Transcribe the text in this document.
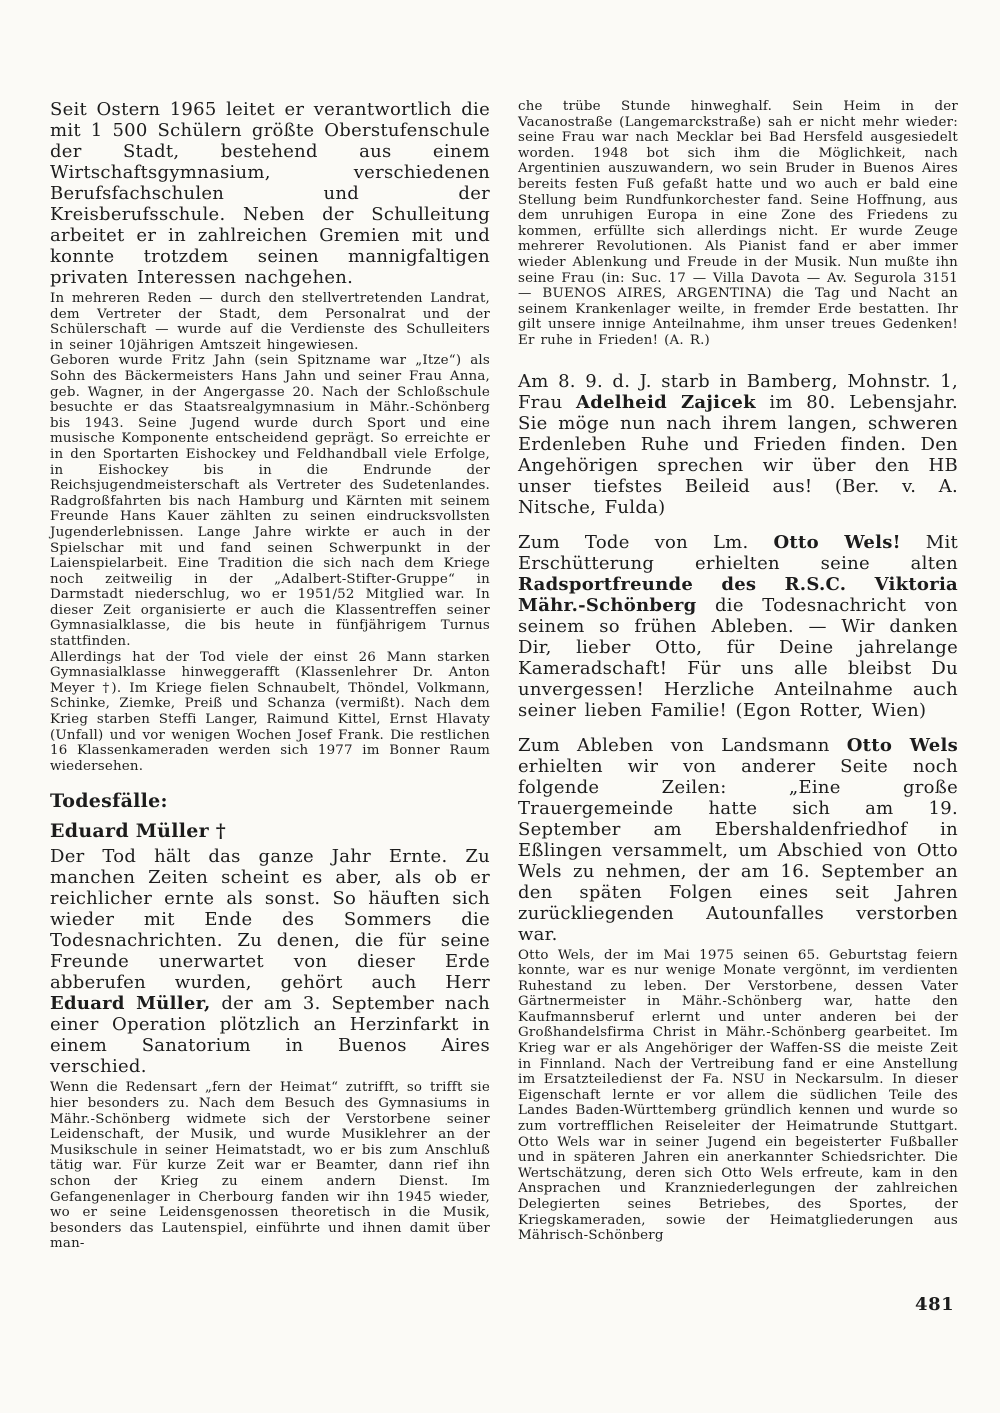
Seit Ostern 1965 leitet er verantwortlich die mit 1 500 Schülern größte Oberstufenschule der Stadt, bestehend aus einem Wirtschaftsgymnasium, verschiedenen Berufsfachschulen und der Kreisberufsschule. Neben der Schulleitung arbeitet er in zahlreichen Gremien mit und konnte trotzdem seinen mannigfaltigen privaten Interessen nachgehen.

In mehreren Reden — durch den stellvertretenden Landrat, dem Vertreter der Stadt, dem Personalrat und der Schülerschaft — wurde auf die Verdienste des Schulleiters in seiner 10jährigen Amtszeit hingewiesen.

Geboren wurde Fritz Jahn (sein Spitzname war „Itze“) als Sohn des Bäckermeisters Hans Jahn und seiner Frau Anna, geb. Wagner, in der Angergasse 20. Nach der Schloßschule besuchte er das Staatsrealgymnasium in Mähr.-Schönberg bis 1943. Seine Jugend wurde durch Sport und eine musische Komponente entscheidend geprägt. So erreichte er in den Sportarten Eishockey und Feldhandball viele Erfolge, in Eishockey bis in die Endrunde der Reichsjugendmeisterschaft als Vertreter des Sudetenlandes. Radgroßfahrten bis nach Hamburg und Kärnten mit seinem Freunde Hans Kauer zählten zu seinen eindrucksvollsten Jugenderlebnissen. Lange Jahre wirkte er auch in der Spielschar mit und fand seinen Schwerpunkt in der Laienspielarbeit. Eine Tradition die sich nach dem Kriege noch zeitweilig in der „Adalbert-Stifter-Gruppe“ in Darmstadt niederschlug, wo er 1951/52 Mitglied war. In dieser Zeit organisierte er auch die Klassentreffen seiner Gymnasialklasse, die bis heute in fünfjährigem Turnus stattfinden.

Allerdings hat der Tod viele der einst 26 Mann starken Gymnasialklasse hinweggerafft (Klassenlehrer Dr. Anton Meyer †). Im Kriege fielen Schnaubelt, Thöndel, Volkmann, Schinke, Ziemke, Preiß und Schanza (vermißt). Nach dem Krieg starben Steffi Langer, Raimund Kittel, Ernst Hlavaty (Unfall) und vor wenigen Wochen Josef Frank. Die restlichen 16 Klassenkameraden werden sich 1977 im Bonner Raum wiedersehen.

Todesfälle:

Eduard Müller †

Der Tod hält das ganze Jahr Ernte. Zu manchen Zeiten scheint es aber, als ob er reichlicher ernte als sonst. So häuften sich wieder mit Ende des Sommers die Todesnachrichten. Zu denen, die für seine Freunde unerwartet von dieser Erde abberufen wurden, gehört auch Herr Eduard Müller, der am 3. September nach einer Operation plötzlich an Herzinfarkt in einem Sanatorium in Buenos Aires verschied.

Wenn die Redensart „fern der Heimat“ zutrifft, so trifft sie hier besonders zu. Nach dem Besuch des Gymnasiums in Mähr.-Schönberg widmete sich der Verstorbene seiner Leidenschaft, der Musik, und wurde Musiklehrer an der Musikschule in seiner Heimatstadt, wo er bis zum Anschluß tätig war. Für kurze Zeit war er Beamter, dann rief ihn schon der Krieg zu einem andern Dienst. Im Gefangenenlager in Cherbourg fanden wir ihn 1945 wieder, wo er seine Leidensgenossen theoretisch in die Musik, besonders das Lautenspiel, einführte und ihnen damit über man-

che trübe Stunde hinweghalf. Sein Heim in der Vacanostraße (Langemarckstraße) sah er nicht mehr wieder: seine Frau war nach Mecklar bei Bad Hersfeld ausgesiedelt worden. 1948 bot sich ihm die Möglichkeit, nach Argentinien auszuwandern, wo sein Bruder in Buenos Aires bereits festen Fuß gefaßt hatte und wo auch er bald eine Stellung beim Rundfunkorchester fand. Seine Hoffnung, aus dem unruhigen Europa in eine Zone des Friedens zu kommen, erfüllte sich allerdings nicht. Er wurde Zeuge mehrerer Revolutionen. Als Pianist fand er aber immer wieder Ablenkung und Freude in der Musik. Nun mußte ihn seine Frau (in: Suc. 17 — Villa Davota — Av. Segurola 3151 — BUENOS AIRES, ARGENTINA) die Tag und Nacht an seinem Krankenlager weilte, in fremder Erde bestatten. Ihr gilt unsere innige Anteilnahme, ihm unser treues Gedenken! Er ruhe in Frieden! (A. R.)

Am 8. 9. d. J. starb in Bamberg, Mohnstr. 1, Frau Adelheid Zajicek im 80. Lebensjahr. Sie möge nun nach ihrem langen, schweren Erdenleben Ruhe und Frieden finden. Den Angehörigen sprechen wir über den HB unser tiefstes Beileid aus! (Ber. v. A. Nitsche, Fulda)

Zum Tode von Lm. Otto Wels! Mit Erschütterung erhielten seine alten Radsportfreunde des R.S.C. Viktoria Mähr.-Schönberg die Todesnachricht von seinem so frühen Ableben. — Wir danken Dir, lieber Otto, für Deine jahrelange Kameradschaft! Für uns alle bleibst Du unvergessen! Herzliche Anteilnahme auch seiner lieben Familie! (Egon Rotter, Wien)

Zum Ableben von Landsmann Otto Wels erhielten wir von anderer Seite noch folgende Zeilen: „Eine große Trauergemeinde hatte sich am 19. September am Ebershaldenfriedhof in Eßlingen versammelt, um Abschied von Otto Wels zu nehmen, der am 16. September an den späten Folgen eines seit Jahren zurückliegenden Autounfalles verstorben war.

Otto Wels, der im Mai 1975 seinen 65. Geburtstag feiern konnte, war es nur wenige Monate vergönnt, im verdienten Ruhestand zu leben. Der Verstorbene, dessen Vater Gärtnermeister in Mähr.-Schönberg war, hatte den Kaufmannsberuf erlernt und unter anderen bei der Großhandelsfirma Christ in Mähr.-Schönberg gearbeitet. Im Krieg war er als Angehöriger der Waffen-SS die meiste Zeit in Finnland. Nach der Vertreibung fand er eine Anstellung im Ersatzteiledienst der Fa. NSU in Neckarsulm. In dieser Eigenschaft lernte er vor allem die südlichen Teile des Landes Baden-Württemberg gründlich kennen und wurde so zum vortrefflichen Reiseleiter der Heimatrunde Stuttgart. Otto Wels war in seiner Jugend ein begeisterter Fußballer und in späteren Jahren ein anerkannter Schiedsrichter. Die Wertschätzung, deren sich Otto Wels erfreute, kam in den Ansprachen und Kranzniederlegungen der zahlreichen Delegierten seines Betriebes, des Sportes, der Kriegskameraden, sowie der Heimatgliederungen aus Mährisch-Schönberg

481
